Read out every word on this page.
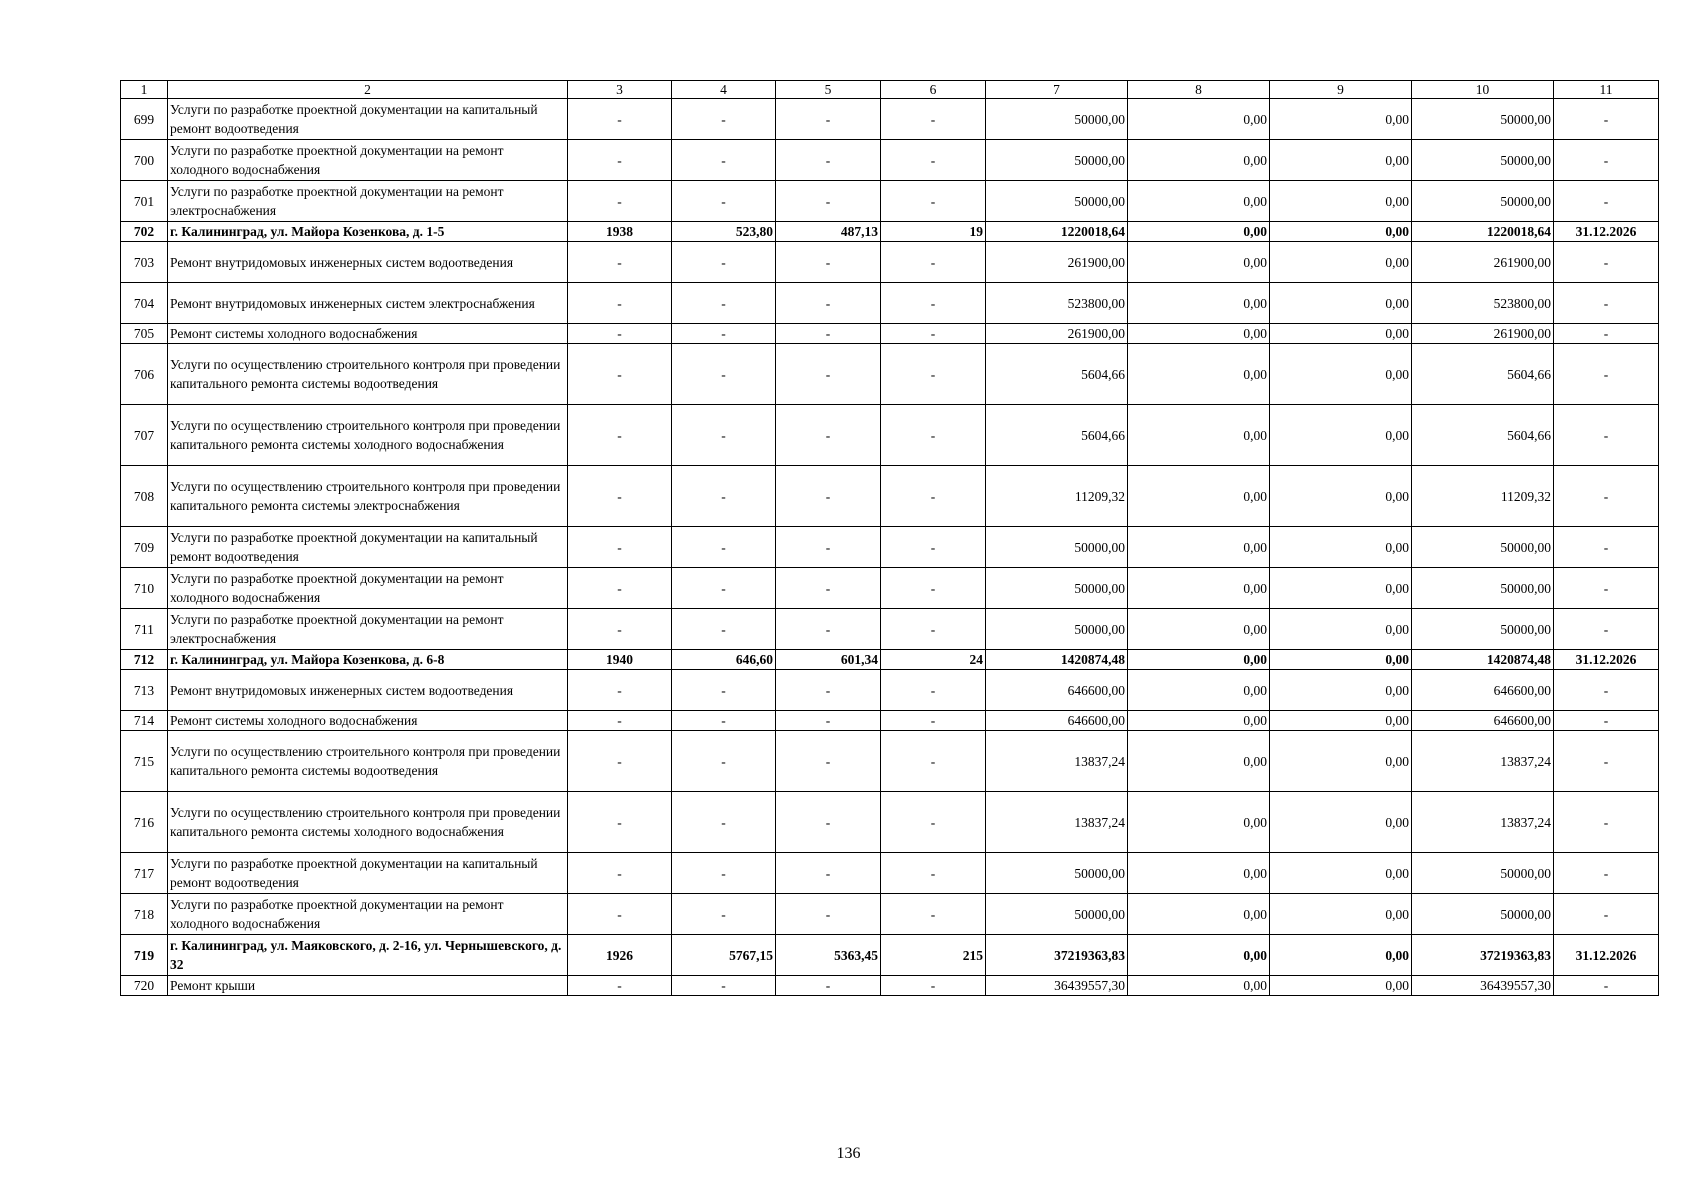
1	2	3	4	5	6	7	8	9	10	11
699	Услуги по разработке проектной документации на капитальный ремонт водоотведения	-	-	-	-	50000,00	0,00	0,00	50000,00	-
700	Услуги по разработке проектной документации на ремонт холодного водоснабжения	-	-	-	-	50000,00	0,00	0,00	50000,00	-
701	Услуги по разработке проектной документации на ремонт электроснабжения	-	-	-	-	50000,00	0,00	0,00	50000,00	-
702	г. Калининград, ул. Майора Козенкова, д. 1-5	1938	523,80	487,13	19	1220018,64	0,00	0,00	1220018,64	31.12.2026
703	Ремонт внутридомовых инженерных систем водоотведения	-	-	-	-	261900,00	0,00	0,00	261900,00	-
704	Ремонт внутридомовых инженерных систем электроснабжения	-	-	-	-	523800,00	0,00	0,00	523800,00	-
705	Ремонт системы холодного водоснабжения	-	-	-	-	261900,00	0,00	0,00	261900,00	-
706	Услуги по осуществлению строительного контроля при проведении капитального ремонта системы водоотведения	-	-	-	-	5604,66	0,00	0,00	5604,66	-
707	Услуги по осуществлению строительного контроля при проведении капитального ремонта системы холодного водоснабжения	-	-	-	-	5604,66	0,00	0,00	5604,66	-
708	Услуги по осуществлению строительного контроля при проведении капитального ремонта системы электроснабжения	-	-	-	-	11209,32	0,00	0,00	11209,32	-
709	Услуги по разработке проектной документации на капитальный ремонт водоотведения	-	-	-	-	50000,00	0,00	0,00	50000,00	-
710	Услуги по разработке проектной документации на ремонт холодного водоснабжения	-	-	-	-	50000,00	0,00	0,00	50000,00	-
711	Услуги по разработке проектной документации на ремонт электроснабжения	-	-	-	-	50000,00	0,00	0,00	50000,00	-
712	г. Калининград, ул. Майора Козенкова, д. 6-8	1940	646,60	601,34	24	1420874,48	0,00	0,00	1420874,48	31.12.2026
713	Ремонт внутридомовых инженерных систем водоотведения	-	-	-	-	646600,00	0,00	0,00	646600,00	-
714	Ремонт системы холодного водоснабжения	-	-	-	-	646600,00	0,00	0,00	646600,00	-
715	Услуги по осуществлению строительного контроля при проведении капитального ремонта системы водоотведения	-	-	-	-	13837,24	0,00	0,00	13837,24	-
716	Услуги по осуществлению строительного контроля при проведении капитального ремонта системы холодного водоснабжения	-	-	-	-	13837,24	0,00	0,00	13837,24	-
717	Услуги по разработке проектной документации на капитальный ремонт водоотведения	-	-	-	-	50000,00	0,00	0,00	50000,00	-
718	Услуги по разработке проектной документации на ремонт холодного водоснабжения	-	-	-	-	50000,00	0,00	0,00	50000,00	-
719	г. Калининград, ул. Маяковского, д. 2-16, ул. Чернышевского, д. 32	1926	5767,15	5363,45	215	37219363,83	0,00	0,00	37219363,83	31.12.2026
720	Ремонт крыши	-	-	-	-	36439557,30	0,00	0,00	36439557,30	-
136
